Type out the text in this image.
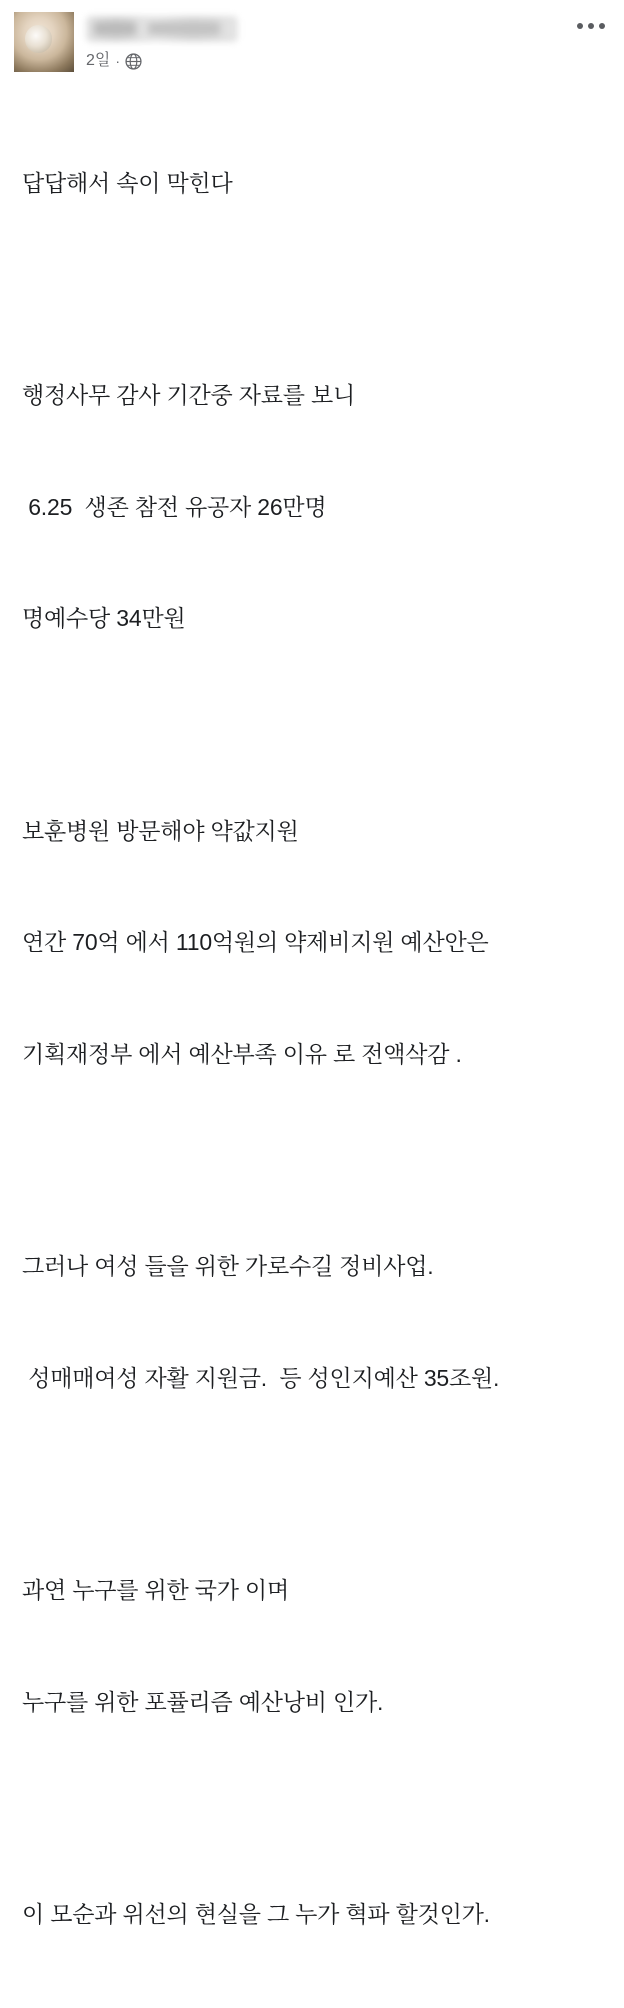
2일 ·

답답해서 속이 막힌다

행정사무 감사 기간중 자료를 보니

6.25  생존 참전 유공자 26만명

명예수당 34만원

보훈병원 방문해야 약값지원

연간 70억 에서 110억원의 약제비지원 예산안은

기획재정부 에서 예산부족 이유 로 전액삭감 .

그러나 여성 들을 위한 가로수길 정비사업.

성매매여성 자활 지원금.  등 성인지예산 35조원.

과연 누구를 위한 국가 이며

누구를 위한 포퓰리즘 예산낭비 인가.

이 모순과 위선의 현실을 그 누가 혁파 할것인가.
